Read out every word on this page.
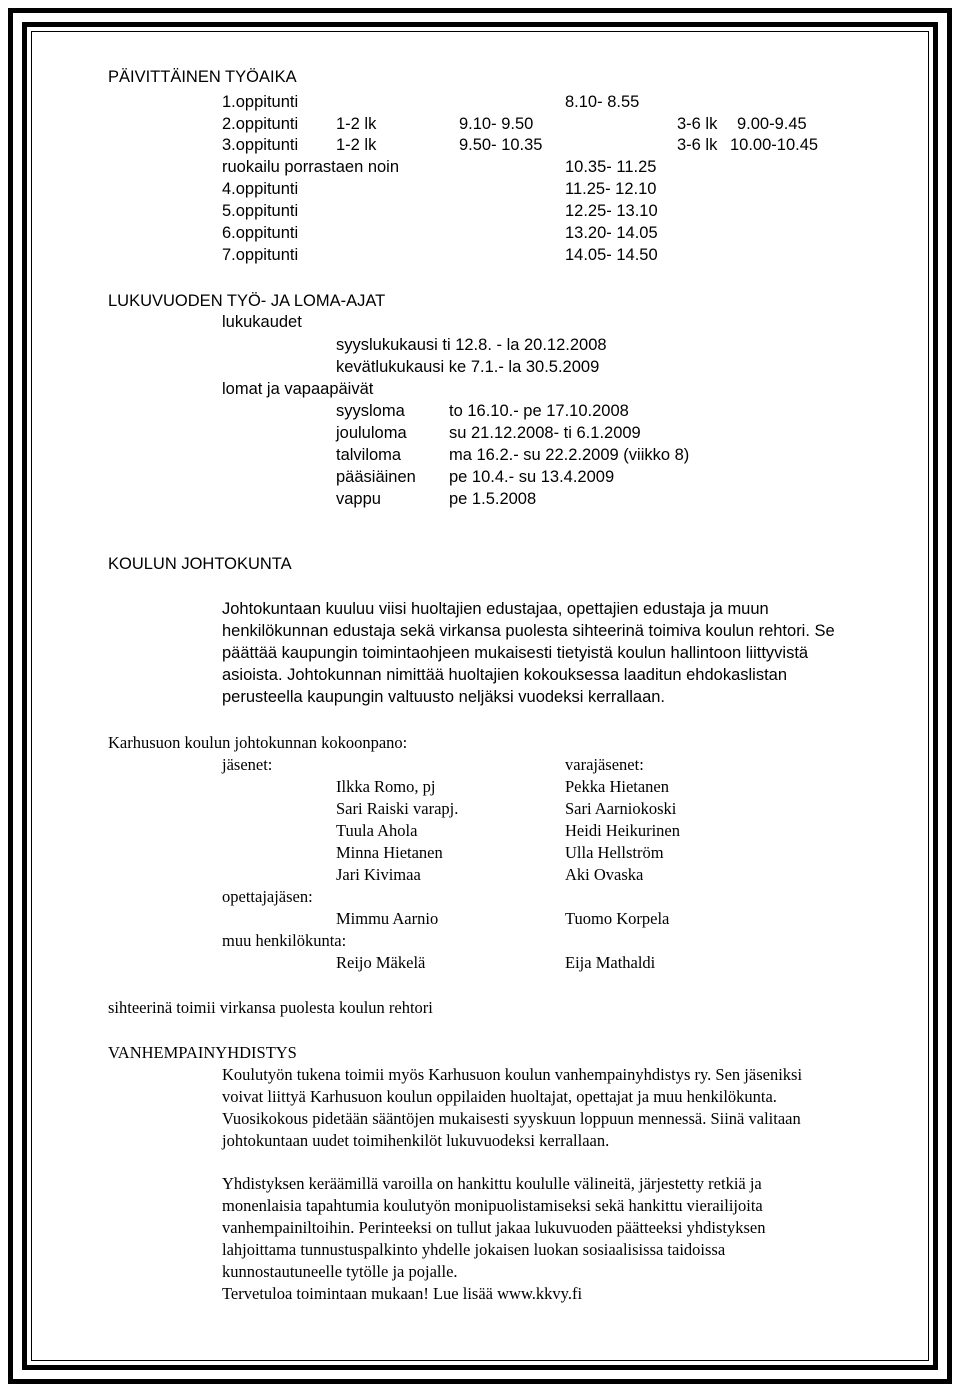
PÄIVITTÄINEN TYÖAIKA
1.oppitunti	8.10- 8.55
2.oppitunti 1-2 lk	9.10- 9.50	3-6 lk 9.00-9.45
3.oppitunti 1-2 lk	9.50- 10.35	3-6 lk 10.00-10.45
ruokailu porrastaen noin	10.35- 11.25
4.oppitunti	11.25- 12.10
5.oppitunti	12.25- 13.10
6.oppitunti	13.20- 14.05
7.oppitunti	14.05- 14.50
LUKUVUODEN TYÖ- JA LOMA-AJAT
lukukaudet
syyslukukausi ti 12.8. - la 20.12.2008
kevätlukukausi ke 7.1.- la 30.5.2009
lomat ja vapaapäivät
syysloma	to 16.10.- pe 17.10.2008
joululoma	su 21.12.2008- ti 6.1.2009
talviloma	ma 16.2.- su 22.2.2009 (viikko 8)
pääsiäinen pe 10.4.- su 13.4.2009
vappu	pe 1.5.2008
KOULUN JOHTOKUNTA
Johtokuntaan kuuluu viisi huoltajien edustajaa, opettajien edustaja ja muun
henkilökunnan edustaja sekä virkansa puolesta sihteerinä toimiva koulun rehtori. Se
päättää kaupungin toimintaohjeen mukaisesti tietyistä koulun hallintoon liittyvistä
asioista. Johtokunnan nimittää huoltajien kokouksessa laaditun ehdokaslistan
perusteella kaupungin valtuusto neljäksi vuodeksi kerrallaan.
Karhusuon koulun johtokunnan kokoonpano:
jäsenet:	varajäsenet:
Ilkka Romo, pj	Pekka Hietanen
Sari Raiski varapj.	Sari Aarniokoski
Tuula Ahola	Heidi Heikurinen
Minna Hietanen	Ulla Hellström
Jari Kivimaa	Aki Ovaska
opettajajäsen:
Mimmu Aarnio	Tuomo Korpela
muu henkilökunta:
Reijo Mäkelä	Eija Mathaldi
sihteerinä toimii virkansa puolesta koulun rehtori
VANHEMPAINYHDISTYS
Koulutyön tukena toimii myös Karhusuon koulun vanhempainyhdistys ry. Sen jäseniksi
voivat liittyä Karhusuon koulun oppilaiden huoltajat, opettajat ja muu henkilökunta.
Vuosikokous pidetään sääntöjen mukaisesti syyskuun loppuun mennessä. Siinä valitaan
johtokuntaan uudet toimihenkilöt lukuvuodeksi kerrallaan.
Yhdistyksen keräämillä varoilla on hankittu koululle välineitä, järjestetty retkiä ja
monenlaisia tapahtumia koulutyön monipuolistamiseksi sekä hankittu vierailijoita
vanhempainiltoihin. Perinteeksi on tullut jakaa lukuvuoden päätteeksi yhdistyksen
lahjoittama tunnustuspalkinto yhdelle jokaisen luokan sosiaalisissa taidoissa
kunnostautuneelle tytölle ja pojalle.
Tervetuloa toimintaan mukaan! Lue lisää www.kkvy.fi
